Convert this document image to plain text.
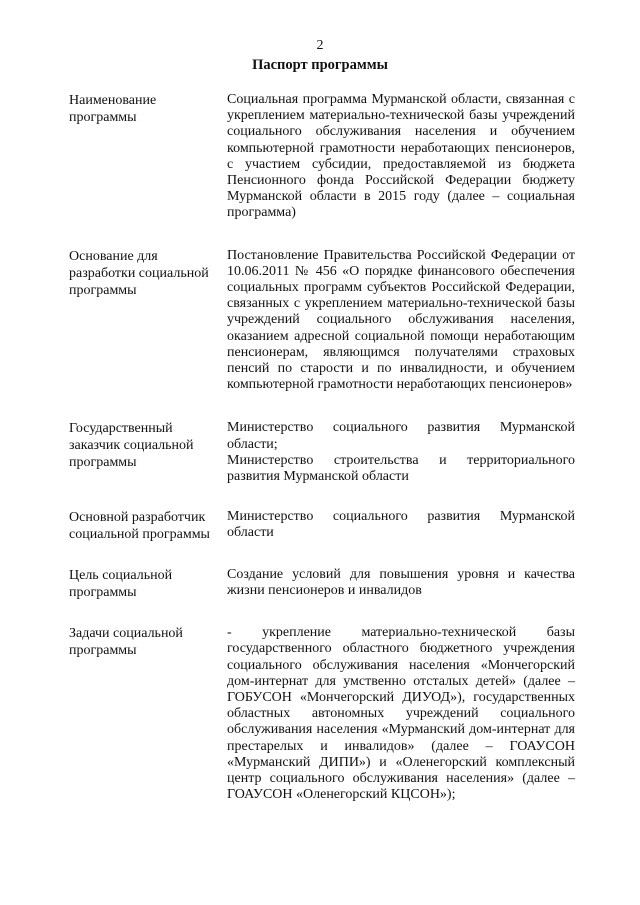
2
Паспорт программы
Наименование программы

Социальная программа Мурманской области, связанная с укреплением материально-технической базы учреждений социального обслуживания населения и обучением компьютерной грамотности неработающих пенсионеров, с участием субсидии, предоставляемой из бюджета Пенсионного фонда Российской Федерации бюджету Мурманской области в 2015 году (далее – социальная программа)

Основание для разработки социальной программы

Постановление Правительства Российской Федерации от 10.06.2011 № 456 «О порядке финансового обеспечения социальных программ субъектов Российской Федерации, связанных с укреплением материально-технической базы учреждений социального обслуживания населения, оказанием адресной социальной помощи неработающим пенсионерам, являющимся получателями страховых пенсий по старости и по инвалидности, и обучением компьютерной грамотности неработающих пенсионеров»

Государственный заказчик социальной программы

Министерство социального развития Мурманской области;

Министерство строительства и территориального развития Мурманской области

Основной разработчик социальной программы

Министерство социального развития Мурманской области

Цель социальной программы

Создание условий для повышения уровня и качества жизни пенсионеров и инвалидов

Задачи социальной программы

- укрепление материально-технической базы государственного областного бюджетного учреждения социального обслуживания населения «Мончегорский дом-интернат для умственно отсталых детей» (далее – ГОБУСОН «Мончегорский ДИУОД»), государственных областных автономных учреждений социального обслуживания населения «Мурманский дом-интернат для престарелых и инвалидов» (далее – ГОАУСОН «Мурманский ДИПИ») и «Оленегорский комплексный центр социального обслуживания населения» (далее – ГОАУСОН «Оленегорский КЦСОН»);
